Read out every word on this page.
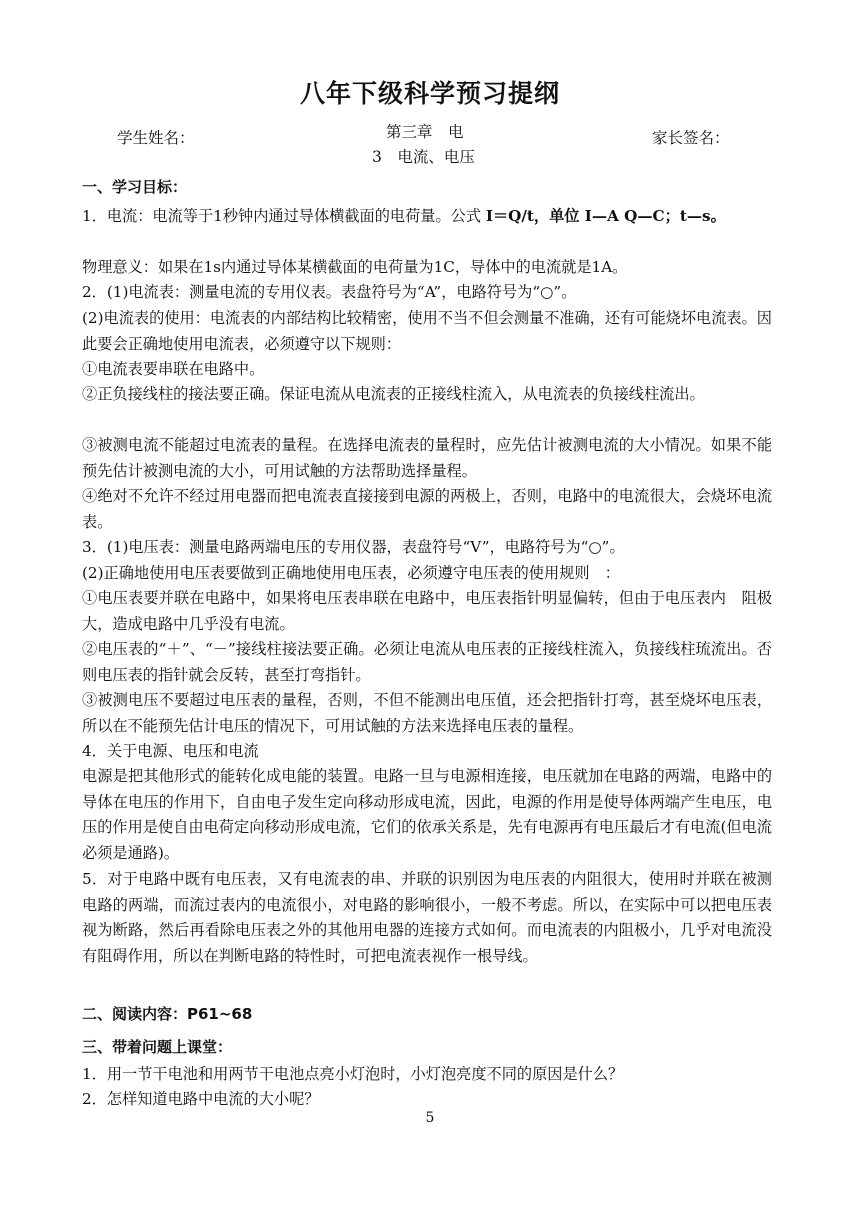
八年下级科学预习提纲
学生姓名：	第三章　电
3　电流、电压
家长签名：
一、学习目标：
1．电流：电流等于1秒钟内通过导体横截面的电荷量。公式 I＝Q/t，单位 I—A Q—C；t—s。
物理意义：如果在1s内通过导体某横截面的电荷量为1C，导体中的电流就是1A。
2．(1)电流表：测量电流的专用仪表。表盘符号为“A”，电路符号为“○”。
(2)电流表的使用：电流表的内部结构比较精密，使用不当不但会测量不准确，还有可能烧坏电流表。因此要会正确地使用电流表，必须遵守以下规则：
①电流表要串联在电路中。
②正负接线柱的接法要正确。保证电流从电流表的正接线柱流入，从电流表的负接线柱流出。
③被测电流不能超过电流表的量程。在选择电流表的量程时，应先估计被测电流的大小情况。如果不能预先估计被测电流的大小，可用试触的方法帮助选择量程。
④绝对不允许不经过用电器而把电流表直接接到电源的两极上，否则，电路中的电流很大，会烧坏电流表。
3．(1)电压表：测量电路两端电压的专用仪器，表盘符号“V”，电路符号为“○”。
(2)正确地使用电压表要做到正确地使用电压表，必须遵守电压表的使用规则　：
①电压表要并联在电路中，如果将电压表串联在电路中，电压表指针明显偏转，但由于电压表内　阻极大，造成电路中几乎没有电流。
②电压表的“＋”、“－”接线柱接法要正确。必须让电流从电压表的正接线柱流入，负接线柱琉流出。否则电压表的指针就会反转，甚至打弯指针。
③被测电压不要超过电压表的量程，否则，不但不能测出电压值，还会把指针打弯，甚至烧坏电压表，所以在不能预先估计电压的情况下，可用试触的方法来选择电压表的量程。
4．关于电源、电压和电流
电源是把其他形式的能转化成电能的装置。电路一旦与电源相连接，电压就加在电路的两端，电路中的导体在电压的作用下，自由电子发生定向移动形成电流，因此，电源的作用是使导体两端产生电压，电压的作用是使自由电荷定向移动形成电流，它们的依承关系是，先有电源再有电压最后才有电流(但电流必须是通路)。
5．对于电路中既有电压表，又有电流表的串、并联的识别因为电压表的内阻很大，使用时并联在被测电路的两端，而流过表内的电流很小，对电路的影响很小，一般不考虑。所以，在实际中可以把电压表视为断路，然后再看除电压表之外的其他用电器的连接方式如何。而电流表的内阻极小，几乎对电流没有阻碍作用，所以在判断电路的特性时，可把电流表视作一根导线。
二、阅读内容：P61~68
三、带着问题上课堂：
1．用一节干电池和用两节干电池点亮小灯泡时，小灯泡亮度不同的原因是什么？
2．怎样知道电路中电流的大小呢？
5
